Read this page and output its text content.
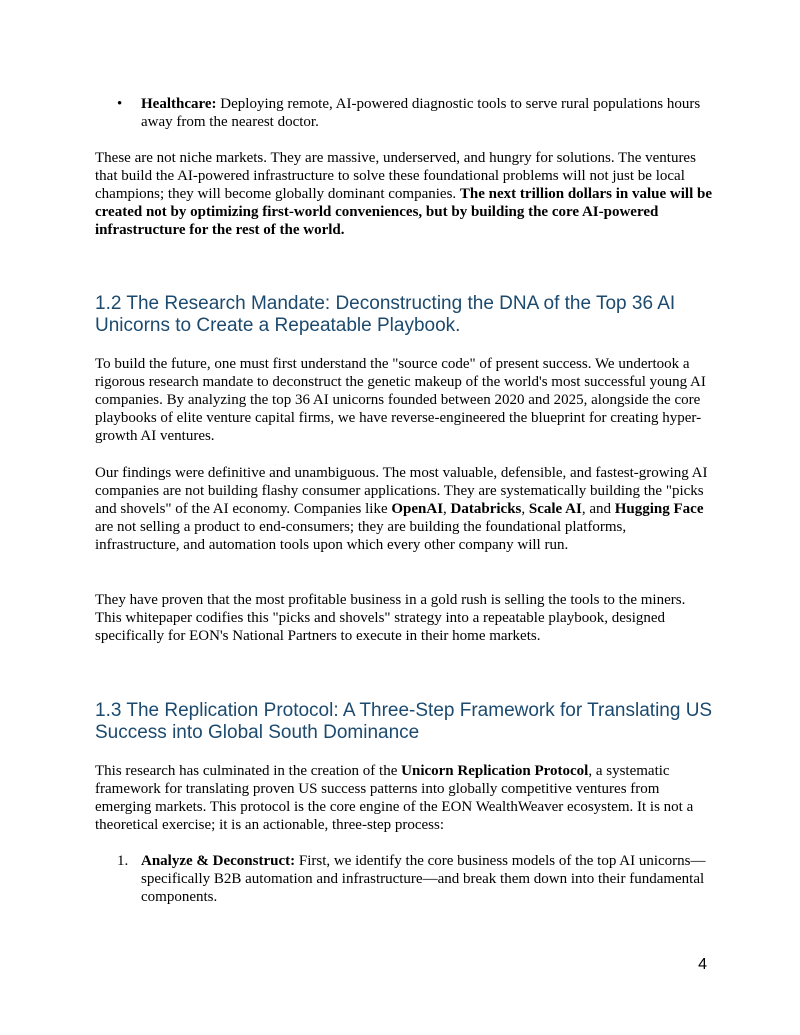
• Healthcare: Deploying remote, AI-powered diagnostic tools to serve rural populations hours away from the nearest doctor.

These are not niche markets. They are massive, underserved, and hungry for solutions. The ventures that build the AI-powered infrastructure to solve these foundational problems will not just be local champions; they will become globally dominant companies. The next trillion dollars in value will be created not by optimizing first-world conveniences, but by building the core AI-powered infrastructure for the rest of the world.

1.2 The Research Mandate: Deconstructing the DNA of the Top 36 AI Unicorns to Create a Repeatable Playbook.

To build the future, one must first understand the "source code" of present success. We undertook a rigorous research mandate to deconstruct the genetic makeup of the world's most successful young AI companies. By analyzing the top 36 AI unicorns founded between 2020 and 2025, alongside the core playbooks of elite venture capital firms, we have reverse-engineered the blueprint for creating hyper-growth AI ventures.

Our findings were definitive and unambiguous. The most valuable, defensible, and fastest-growing AI companies are not building flashy consumer applications. They are systematically building the "picks and shovels" of the AI economy. Companies like OpenAI, Databricks, Scale AI, and Hugging Face are not selling a product to end-consumers; they are building the foundational platforms, infrastructure, and automation tools upon which every other company will run.

They have proven that the most profitable business in a gold rush is selling the tools to the miners. This whitepaper codifies this "picks and shovels" strategy into a repeatable playbook, designed specifically for EON's National Partners to execute in their home markets.

1.3 The Replication Protocol: A Three-Step Framework for Translating US Success into Global South Dominance

This research has culminated in the creation of the Unicorn Replication Protocol, a systematic framework for translating proven US success patterns into globally competitive ventures from emerging markets. This protocol is the core engine of the EON WealthWeaver ecosystem. It is not a theoretical exercise; it is an actionable, three-step process:

1. Analyze & Deconstruct: First, we identify the core business models of the top AI unicorns—specifically B2B automation and infrastructure—and break them down into their fundamental components.

4
